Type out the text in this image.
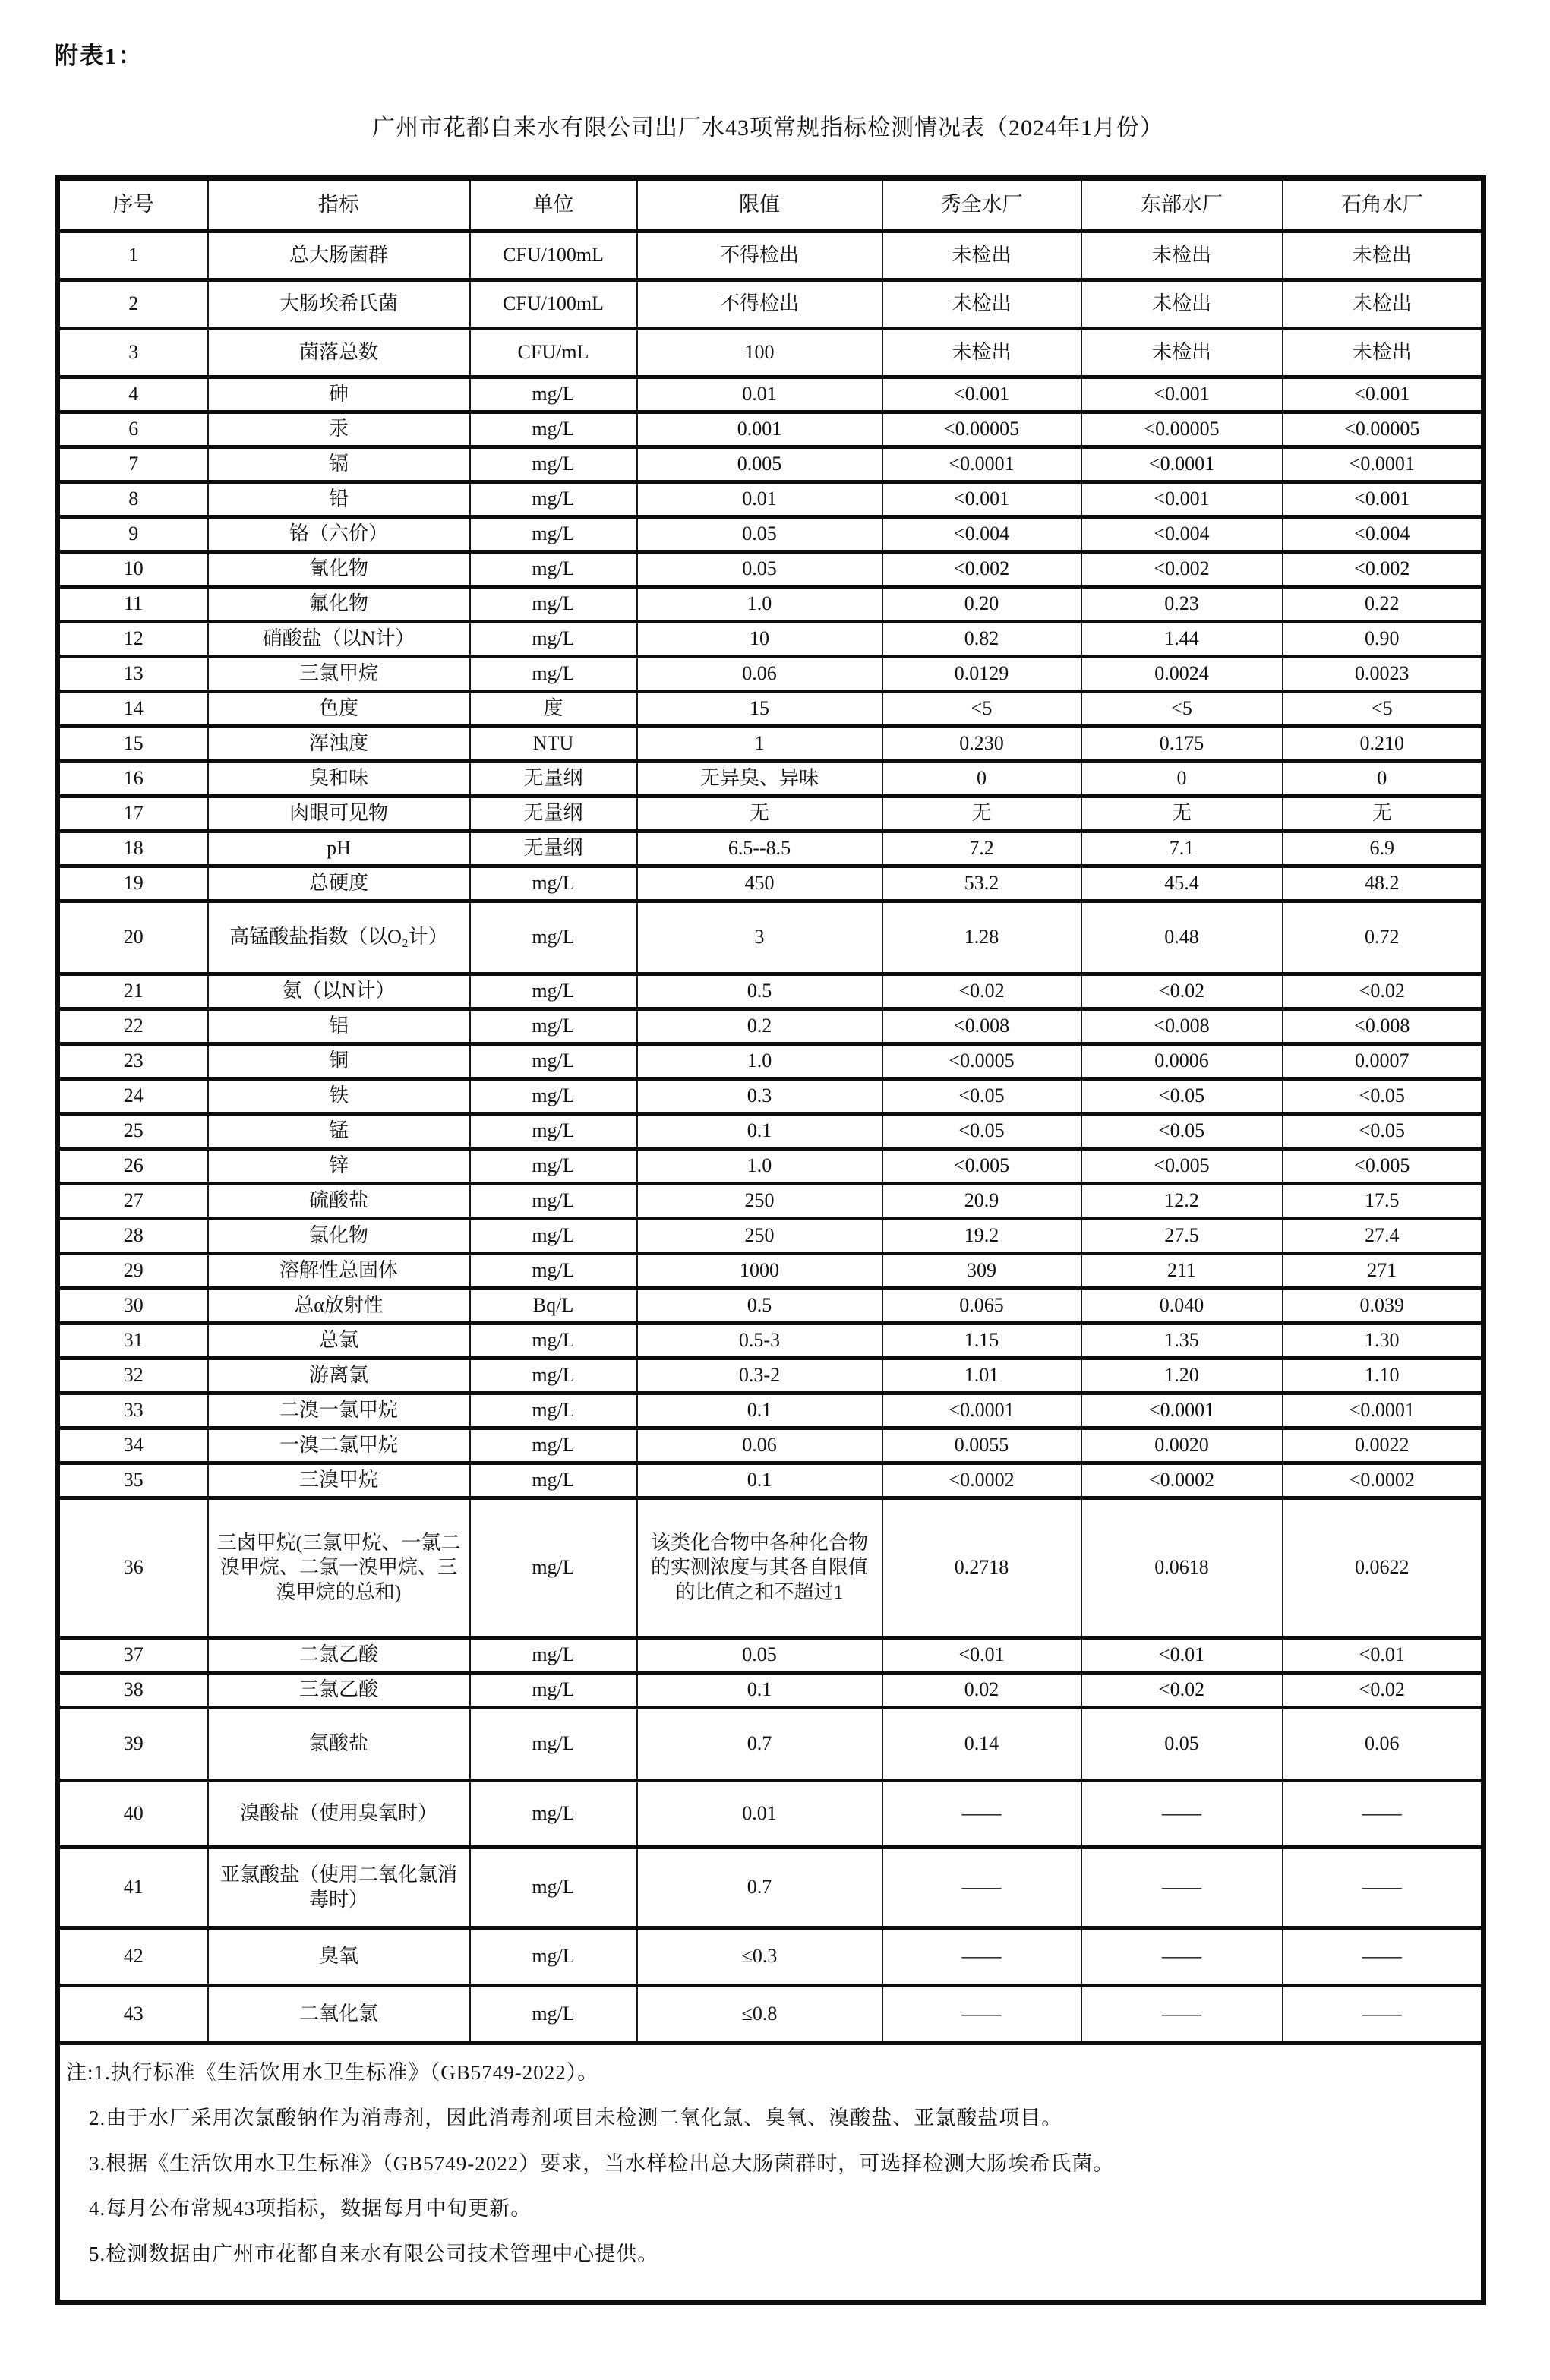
附表1：
广州市花都自来水有限公司出厂水43项常规指标检测情况表（2024年1月份）
序号	指标	单位	限值	秀全水厂	东部水厂	石角水厂
1	总大肠菌群	CFU/100mL	不得检出	未检出	未检出	未检出
2	大肠埃希氏菌	CFU/100mL	不得检出	未检出	未检出	未检出
3	菌落总数	CFU/mL	100	未检出	未检出	未检出
4	砷	mg/L	0.01	<0.001	<0.001	<0.001
6	汞	mg/L	0.001	<0.00005	<0.00005	<0.00005
7	镉	mg/L	0.005	<0.0001	<0.0001	<0.0001
8	铅	mg/L	0.01	<0.001	<0.001	<0.001
9	铬（六价）	mg/L	0.05	<0.004	<0.004	<0.004
10	氰化物	mg/L	0.05	<0.002	<0.002	<0.002
11	氟化物	mg/L	1.0	0.20	0.23	0.22
12	硝酸盐（以N计）	mg/L	10	0.82	1.44	0.90
13	三氯甲烷	mg/L	0.06	0.0129	0.0024	0.0023
14	色度	度	15	<5	<5	<5
15	浑浊度	NTU	1	0.230	0.175	0.210
16	臭和味	无量纲	无异臭、异味	0	0	0
17	肉眼可见物	无量纲	无	无	无	无
18	pH	无量纲	6.5--8.5	7.2	7.1	6.9
19	总硬度	mg/L	450	53.2	45.4	48.2
20	高锰酸盐指数（以O₂计）	mg/L	3	1.28	0.48	0.72
21	氨（以N计）	mg/L	0.5	<0.02	<0.02	<0.02
22	铝	mg/L	0.2	<0.008	<0.008	<0.008
23	铜	mg/L	1.0	<0.0005	0.0006	0.0007
24	铁	mg/L	0.3	<0.05	<0.05	<0.05
25	锰	mg/L	0.1	<0.05	<0.05	<0.05
26	锌	mg/L	1.0	<0.005	<0.005	<0.005
27	硫酸盐	mg/L	250	20.9	12.2	17.5
28	氯化物	mg/L	250	19.2	27.5	27.4
29	溶解性总固体	mg/L	1000	309	211	271
30	总α放射性	Bq/L	0.5	0.065	0.040	0.039
31	总氯	mg/L	0.5-3	1.15	1.35	1.30
32	游离氯	mg/L	0.3-2	1.01	1.20	1.10
33	二溴一氯甲烷	mg/L	0.1	<0.0001	<0.0001	<0.0001
34	一溴二氯甲烷	mg/L	0.06	0.0055	0.0020	0.0022
35	三溴甲烷	mg/L	0.1	<0.0002	<0.0002	<0.0002
36	三卤甲烷(三氯甲烷、一氯二溴甲烷、二氯一溴甲烷、三溴甲烷的总和)	mg/L	该类化合物中各种化合物的实测浓度与其各自限值的比值之和不超过1	0.2718	0.0618	0.0622
37	二氯乙酸	mg/L	0.05	<0.01	<0.01	<0.01
38	三氯乙酸	mg/L	0.1	0.02	<0.02	<0.02
39	氯酸盐	mg/L	0.7	0.14	0.05	0.06
40	溴酸盐（使用臭氧时）	mg/L	0.01	——	——	——
41	亚氯酸盐（使用二氧化氯消毒时）	mg/L	0.7	——	——	——
42	臭氧	mg/L	≤0.3	——	——	——
43	二氧化氯	mg/L	≤0.8	——	——	——

注:1.执行标准《生活饮用水卫生标准》（GB5749-2022）。
2.由于水厂采用次氯酸钠作为消毒剂，因此消毒剂项目未检测二氧化氯、臭氧、溴酸盐、亚氯酸盐项目。
3.根据《生活饮用水卫生标准》（GB5749-2022）要求，当水样检出总大肠菌群时，可选择检测大肠埃希氏菌。
4.每月公布常规43项指标，数据每月中旬更新。
5.检测数据由广州市花都自来水有限公司技术管理中心提供。						
